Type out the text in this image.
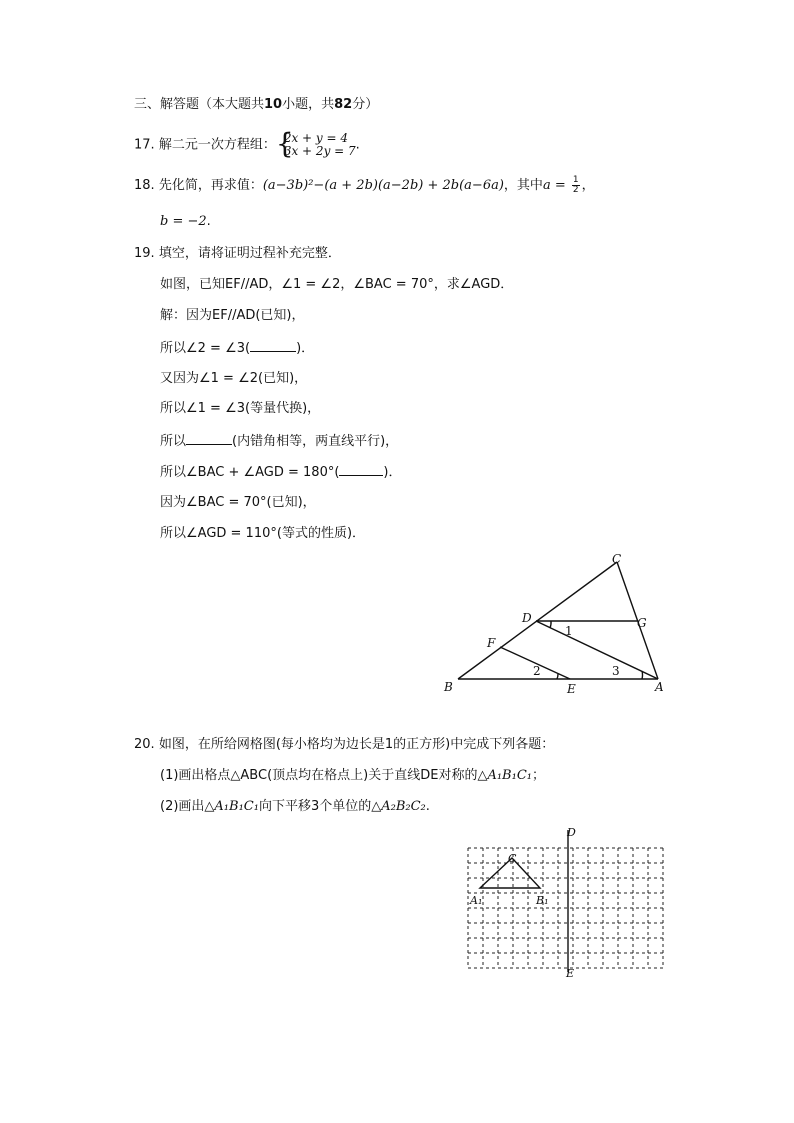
三、解答题（本大题共10小题，共82分）
17. 解二元一次方程组： {
2x + y = 4
3x + 2y = 7 .
18. 先化简，再求值：(a−3b)²−(a + 2b)(a−2b) + 2b(a−6a)，其中$a = \frac{1}{2}$ ，
b = −2.
19. 填空，请将证明过程补充完整．
如图，已知EF//AD，∠1 = ∠2，∠BAC = 70°，求∠AGD．
解：因为EF//AD(已知)，
所以∠2 = ∠3(	)．
又因为∠1 = ∠2(已知)，
所以∠1 = ∠3(等量代换)，
所以	(内错角相等，两直线平行)，
所以∠BAC + ∠AGD = 180°(	)．
因为∠BAC = 70°(已知)，
所以∠AGD = 110°(等式的性质)．
C
D	G
F
B	E	A
1
2	3
20. 如图，在所给网格图(每小格均为边长是1的正方形)中完成下列各题：
(1)画出格点△ABC(顶点均在格点上)关于直线DE对称的△A₁B₁C₁；
(2)画出△A₁B₁C₁向下平移3个单位的△A₂B₂C₂.
D
E
C
A₁	B₁
